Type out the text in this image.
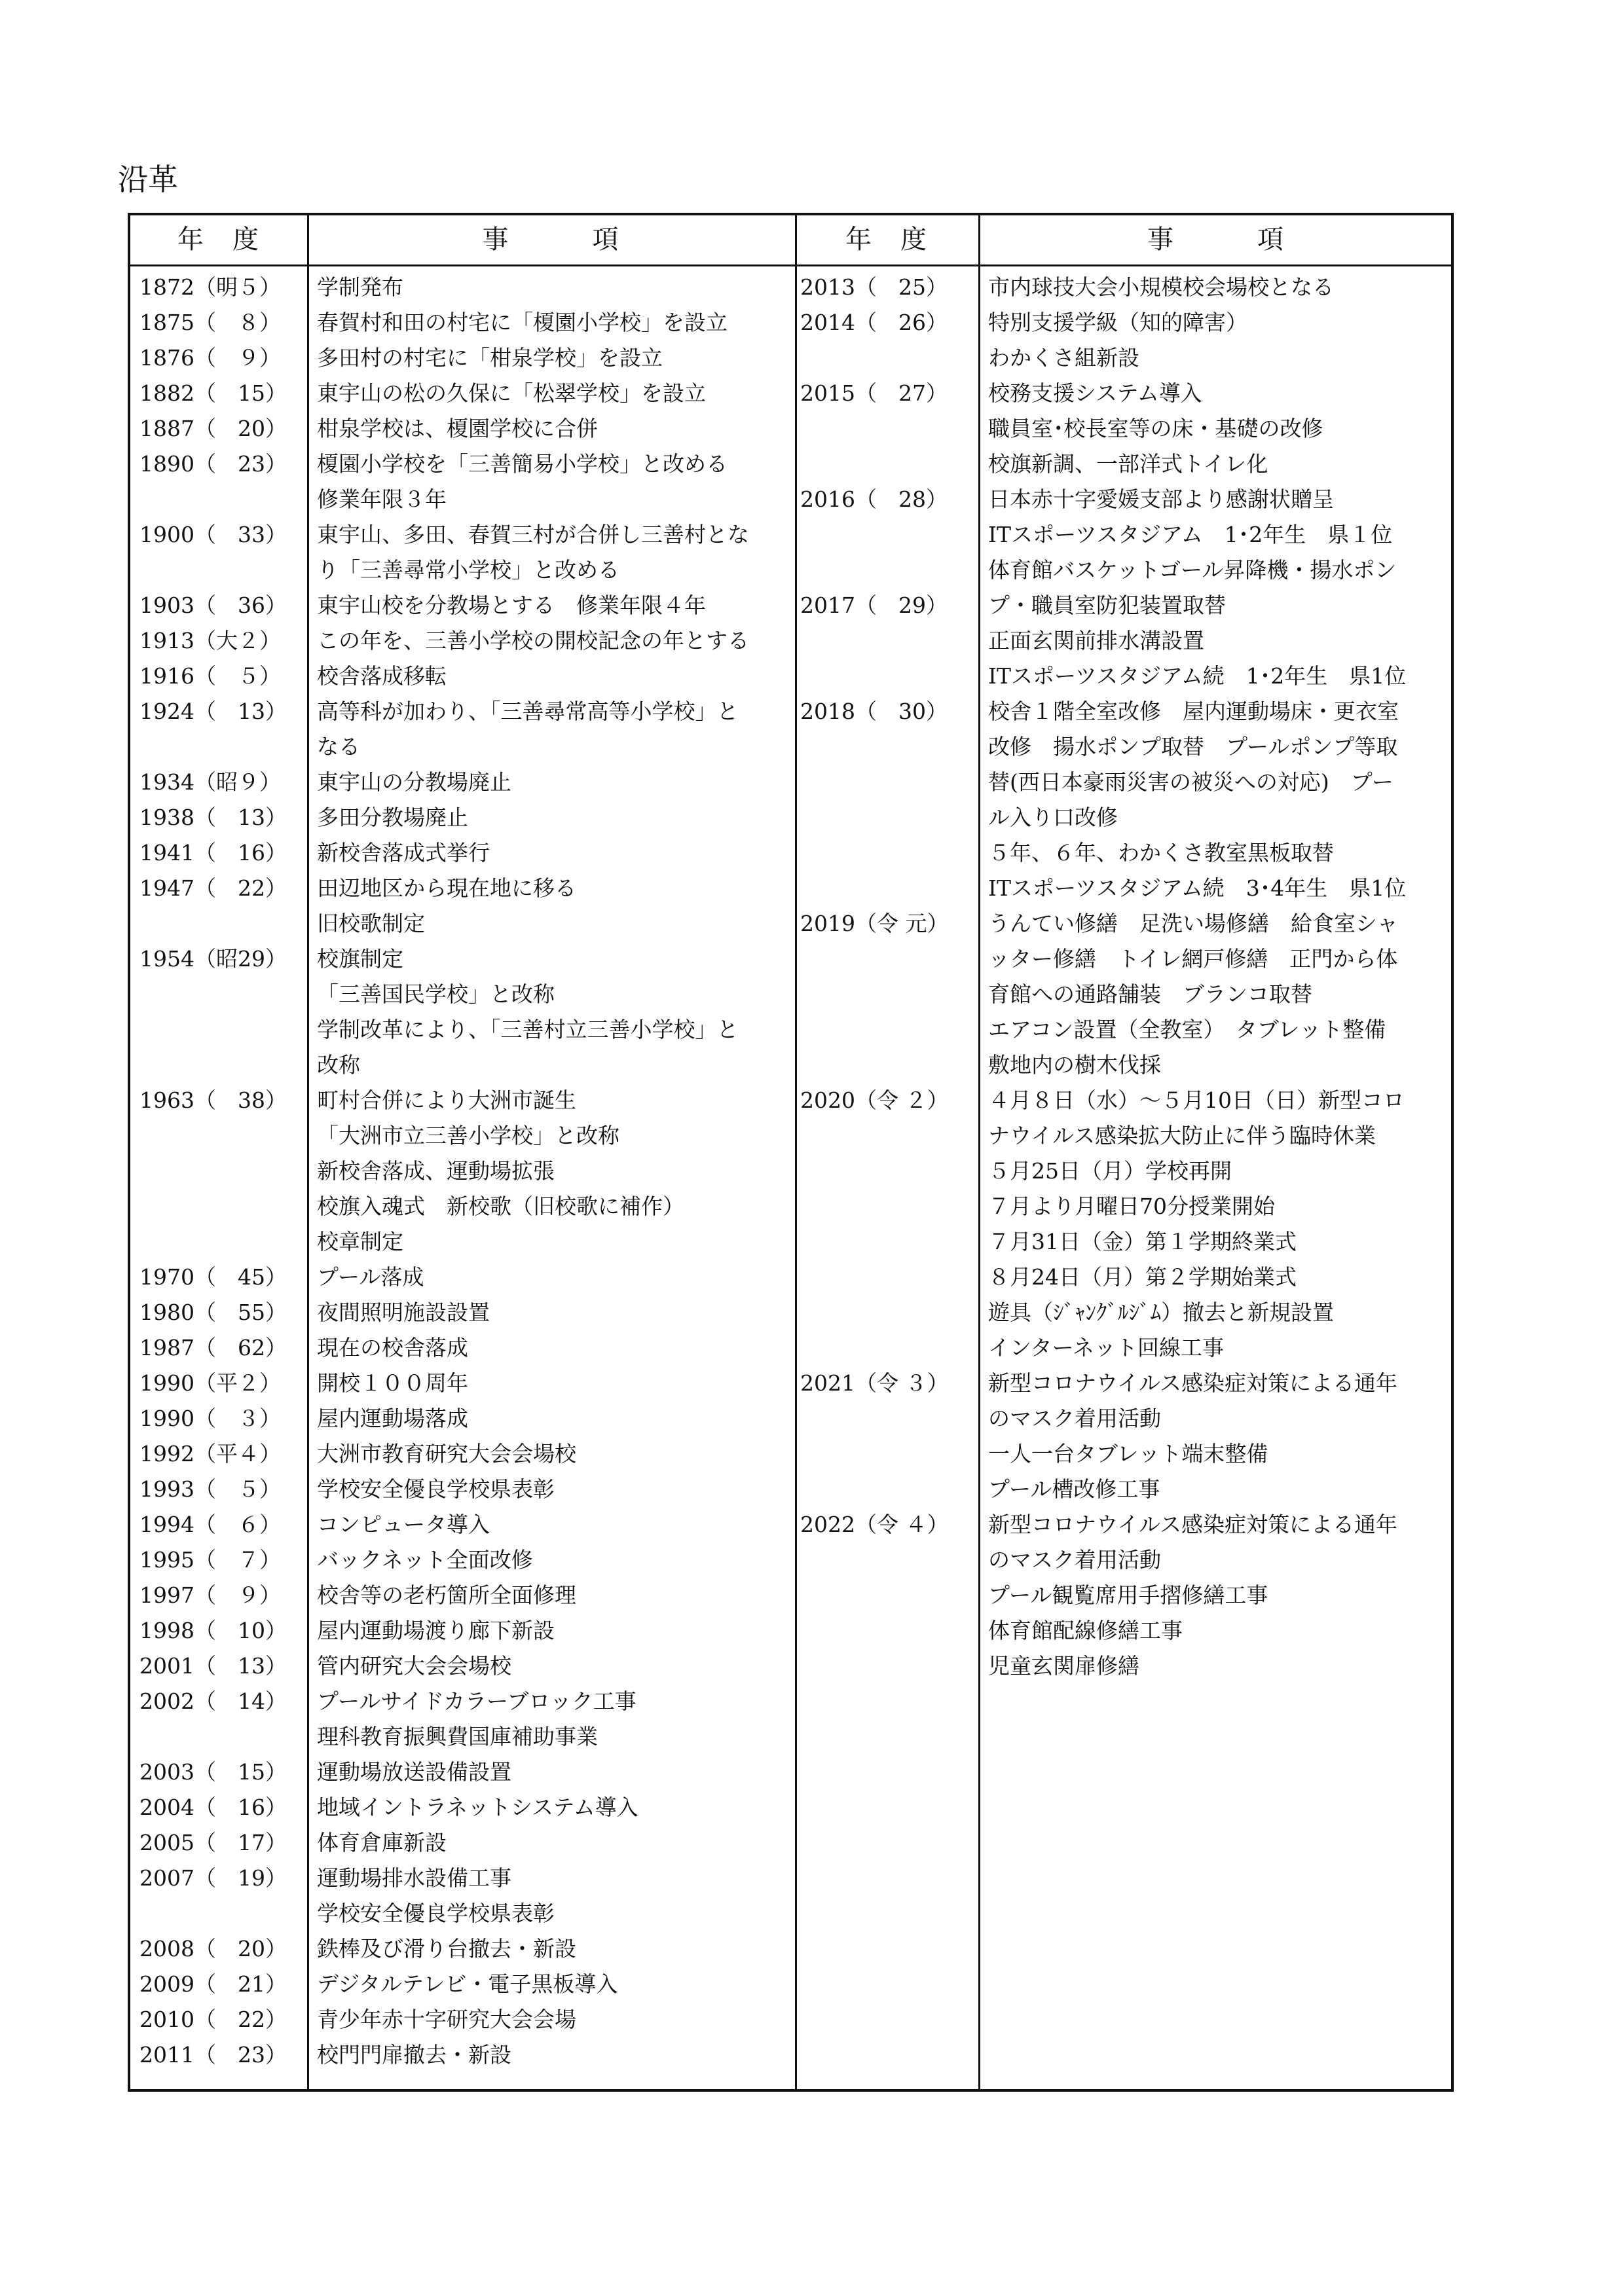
沿革
年　度	事　　　項	年　度	事　　　項
1872（明５）	学制発布
1875（　８）	春賀村和田の村宅に「榎園小学校」を設立
1876（　９）	多田村の村宅に「柑泉学校」を設立
1882（　15）	東宇山の松の久保に「松翠学校」を設立
1887（　20）	柑泉学校は、榎園学校に合併
1890（　23）	榎園小学校を「三善簡易小学校」と改める
修業年限３年
1900（　33）	東宇山、多田、春賀三村が合併し三善村とな
り「三善尋常小学校」と改める
1903（　36）	東宇山校を分教場とする　修業年限４年
1913（大２）	この年を、三善小学校の開校記念の年とする
1916（　５）	校舎落成移転
1924（　13）	高等科が加わり、「三善尋常高等小学校」と
なる
1934（昭９）	東宇山の分教場廃止
1938（　13）	多田分教場廃止
1941（　16）	新校舎落成式挙行
1947（　22）	田辺地区から現在地に移る
旧校歌制定
1954（昭29）	校旗制定
「三善国民学校」と改称
学制改革により、「三善村立三善小学校」と
改称
1963（　38）	町村合併により大洲市誕生
「大洲市立三善小学校」と改称
新校舎落成、運動場拡張
校旗入魂式　新校歌（旧校歌に補作）
校章制定
1970（　45）	プール落成
1980（　55）	夜間照明施設設置
1987（　62）	現在の校舎落成
1990（平２）	開校１００周年
1990（　３）	屋内運動場落成
1992（平４）	大洲市教育研究大会会場校
1993（　５）	学校安全優良学校県表彰
1994（　６）	コンピュータ導入
1995（　７）	バックネット全面改修
1997（　９）	校舎等の老朽箇所全面修理
1998（　10）	屋内運動場渡り廊下新設
2001（　13）	管内研究大会会場校
2002（　14）	プールサイドカラーブロック工事
理科教育振興費国庫補助事業
2003（　15）	運動場放送設備設置
2004（　16）	地域イントラネットシステム導入
2005（　17）	体育倉庫新設
2007（　19）	運動場排水設備工事
学校安全優良学校県表彰
2008（　20）	鉄棒及び滑り台撤去・新設
2009（　21）	デジタルテレビ・電子黒板導入
2010（　22）	青少年赤十字研究大会会場
2011（　23）	校門門扉撤去・新設
2013（　25）	市内球技大会小規模校会場校となる
2014（　26）	特別支援学級（知的障害）
わかくさ組新設
2015（　27）	校務支援システム導入
職員室･校長室等の床・基礎の改修
校旗新調、一部洋式トイレ化
2016（　28）	日本赤十字愛媛支部より感謝状贈呈
ITスポーツスタジアム　1･2年生　県１位
体育館バスケットゴール昇降機・揚水ポン
2017（　29）	プ・職員室防犯装置取替
正面玄関前排水溝設置
ITスポーツスタジアム続　1･2年生　県1位
2018（　30）	校舎１階全室改修　屋内運動場床・更衣室
改修　揚水ポンプ取替　プールポンプ等取
替(西日本豪雨災害の被災への対応)　プー
ル入り口改修
５年、６年、わかくさ教室黒板取替
ITスポーツスタジアム続　3･4年生　県1位
2019（令 元）	うんてい修繕　足洗い場修繕　給食室シャ
ッター修繕　トイレ網戸修繕　正門から体
育館への通路舗装　ブランコ取替
エアコン設置（全教室）　タブレット整備
敷地内の樹木伐採
2020（令 ２）	４月８日（水）～５月10日（日）新型コロ
ナウイルス感染拡大防止に伴う臨時休業
５月25日（月）学校再開
７月より月曜日70分授業開始
７月31日（金）第１学期終業式
８月24日（月）第２学期始業式
遊具（ｼﾞｬﾝｸﾞﾙｼﾞﾑ）撤去と新規設置
インターネット回線工事
2021（令 ３）	新型コロナウイルス感染症対策による通年
のマスク着用活動
一人一台タブレット端末整備
プール槽改修工事
2022（令 ４）	新型コロナウイルス感染症対策による通年
のマスク着用活動
プール観覧席用手摺修繕工事
体育館配線修繕工事
児童玄関扉修繕
